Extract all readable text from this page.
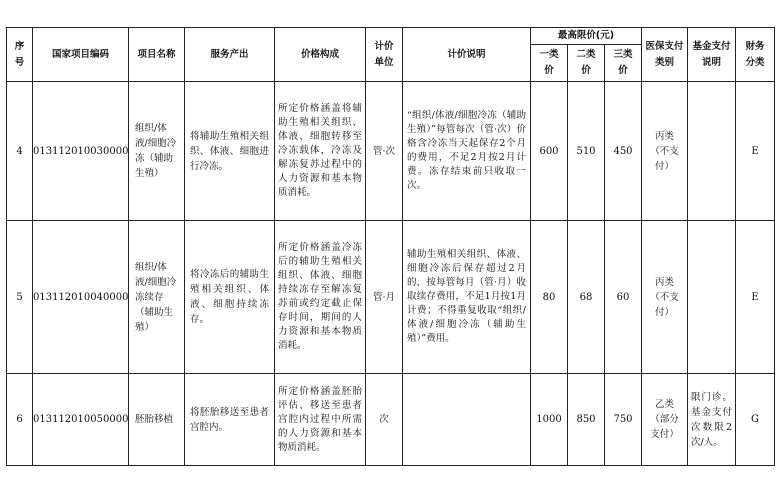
序号	国家项目编码	项目名称	服务产出	价格构成	计价单位	计价说明	最高限价(元)			医保支付类别	基金支付说明	财务分类
							一类价	二类价	三类价			
4	013112010030000	组织/体液/细胞冷冻（辅助生殖）	将辅助生殖相关组织、体液、细胞进行冷冻。	所定价格涵盖将辅助生殖相关组织、体液、细胞转移至冷冻载体，冷冻及解冻复苏过程中的人力资源和基本物质消耗。	管·次	“组织/体液/细胞冷冻（辅助生殖）”每管每次（管·次）价格含冷冻当天起保存2个月的费用，不足2月按2月计费。冻存结束前只收取一次。	600	510	450	丙类（不支付）		E
5	013112010040000	组织/体液/细胞冷冻续存（辅助生殖）	将冷冻后的辅助生殖相关组织、体液、细胞持续冻存。	所定价格涵盖冷冻后的辅助生殖相关组织、体液、细胞持续冻存至解冻复苏前或约定截止保存时间，期间的人力资源和基本物质消耗。	管·月	辅助生殖相关组织、体液、细胞冷冻后保存超过2月的，按每管每月（管·月）收取续存费用，不足1月按1月计费；不得重复收取“组织/体液/细胞冷冻（辅助生殖）”费用。	80	68	60	丙类（不支付）		E
6	013112010050000	胚胎移植	将胚胎移送至患者宫腔内。	所定价格涵盖胚胎评估、移送至患者宫腔内过程中所需的人力资源和基本物质消耗。	次		1000	850	750	乙类（部分支付）	限门诊。基金支付次数限2次/人。	G
